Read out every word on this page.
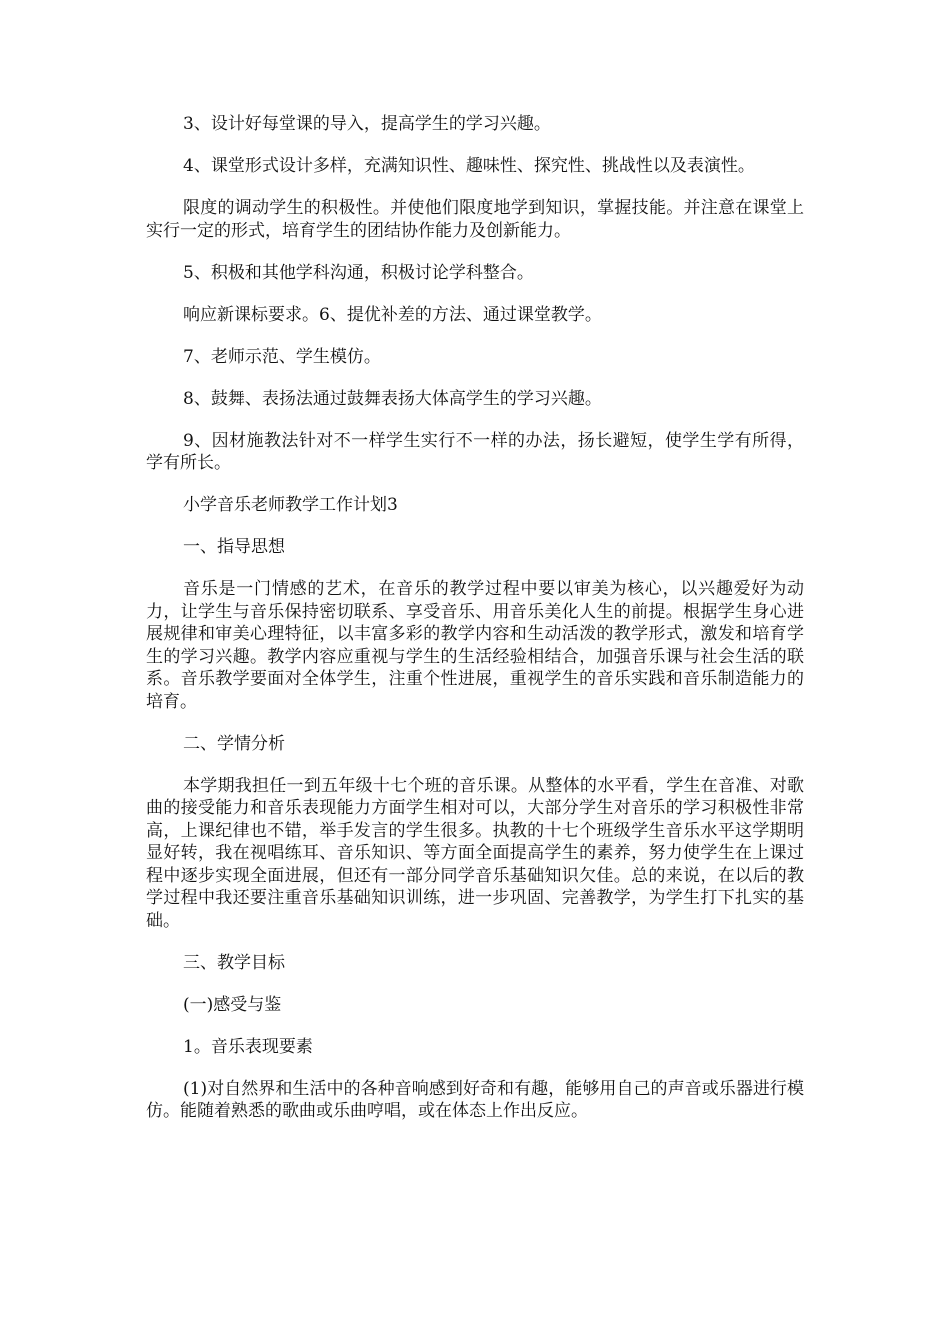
3、设计好每堂课的导入，提高学生的学习兴趣。

4、课堂形式设计多样，充满知识性、趣味性、探究性、挑战性以及表演性。

限度的调动学生的积极性。并使他们限度地学到知识，掌握技能。并注意在课堂上实行一定的形式，培育学生的团结协作能力及创新能力。

5、积极和其他学科沟通，积极讨论学科整合。

响应新课标要求。6、提优补差的方法、通过课堂教学。

7、老师示范、学生模仿。

8、鼓舞、表扬法通过鼓舞表扬大体高学生的学习兴趣。

9、因材施教法针对不一样学生实行不一样的办法，扬长避短，使学生学有所得，学有所长。

小学音乐老师教学工作计划3

一、指导思想

音乐是一门情感的艺术，在音乐的教学过程中要以审美为核心，以兴趣爱好为动力，让学生与音乐保持密切联系、享受音乐、用音乐美化人生的前提。根据学生身心进展规律和审美心理特征，以丰富多彩的教学内容和生动活泼的教学形式，激发和培育学生的学习兴趣。教学内容应重视与学生的生活经验相结合，加强音乐课与社会生活的联系。音乐教学要面对全体学生，注重个性进展，重视学生的音乐实践和音乐制造能力的培育。

二、学情分析

本学期我担任一到五年级十七个班的音乐课。从整体的水平看，学生在音准、对歌曲的接受能力和音乐表现能力方面学生相对可以，大部分学生对音乐的学习积极性非常高，上课纪律也不错，举手发言的学生很多。执教的十七个班级学生音乐水平这学期明显好转，我在视唱练耳、音乐知识、等方面全面提高学生的素养，努力使学生在上课过程中逐步实现全面进展，但还有一部分同学音乐基础知识欠佳。总的来说，在以后的教学过程中我还要注重音乐基础知识训练，进一步巩固、完善教学，为学生打下扎实的基础。

三、教学目标

(一)感受与鉴

1。音乐表现要素

(1)对自然界和生活中的各种音响感到好奇和有趣，能够用自己的声音或乐器进行模仿。能随着熟悉的歌曲或乐曲哼唱，或在体态上作出反应。
